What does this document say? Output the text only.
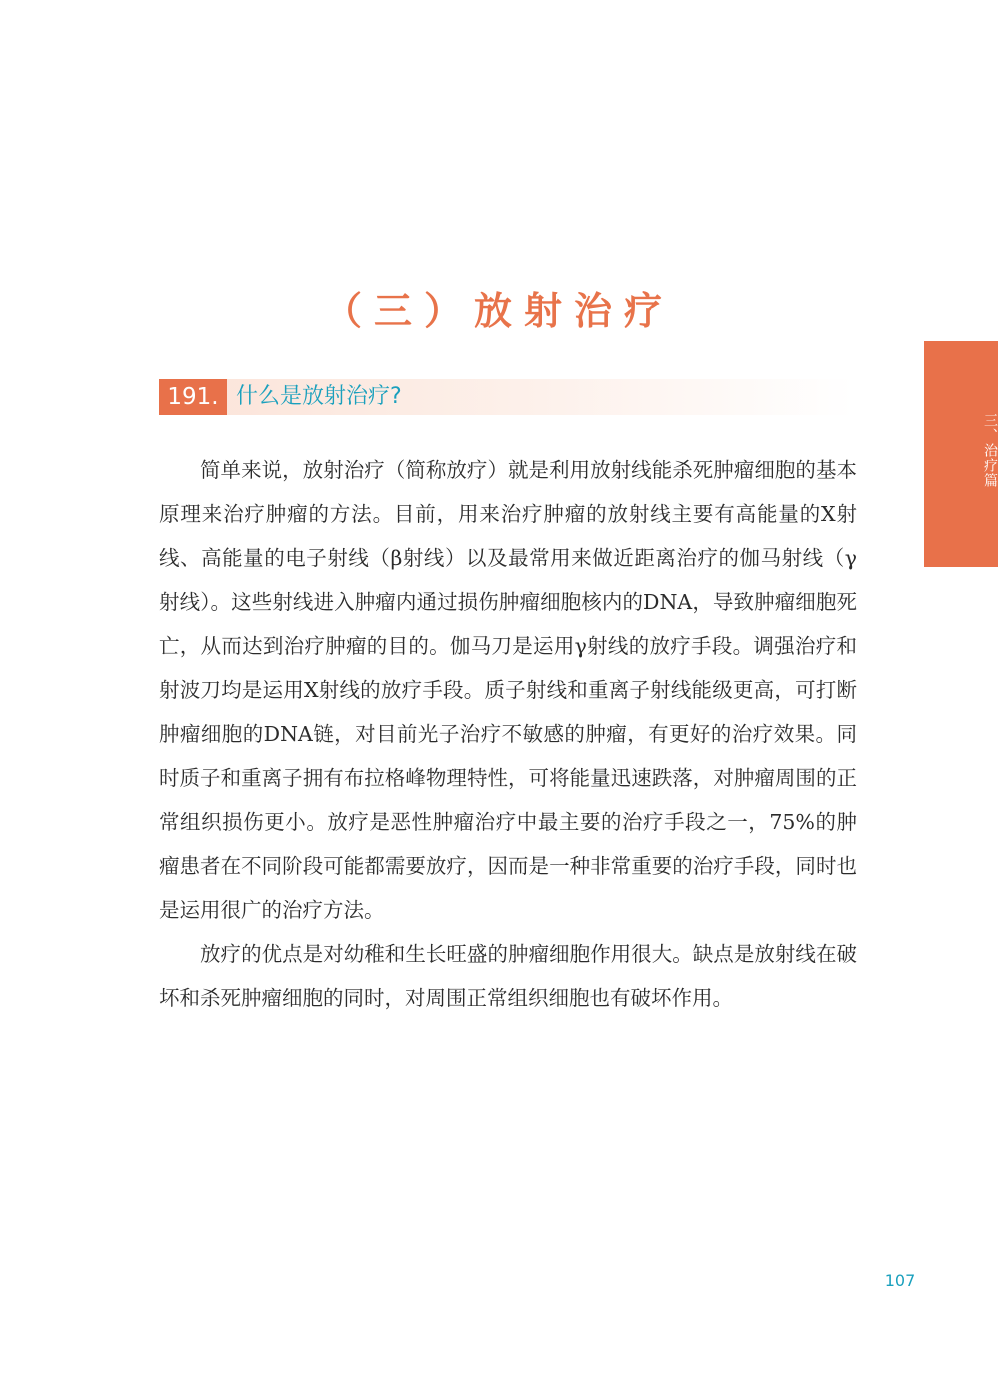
（三）放射治疗
三、治疗篇
191. 什么是放射治疗?

简单来说，放射治疗（简称放疗）就是利用放射线能杀死肿瘤细胞的基本原理来治疗肿瘤的方法。目前，用来治疗肿瘤的放射线主要有高能量的X射线、高能量的电子射线（β射线）以及最常用来做近距离治疗的伽马射线（γ射线）。这些射线进入肿瘤内通过损伤肿瘤细胞核内的DNA，导致肿瘤细胞死亡，从而达到治疗肿瘤的目的。伽马刀是运用γ射线的放疗手段。调强治疗和射波刀均是运用X射线的放疗手段。质子射线和重离子射线能级更高，可打断肿瘤细胞的DNA链，对目前光子治疗不敏感的肿瘤，有更好的治疗效果。同时质子和重离子拥有布拉格峰物理特性，可将能量迅速跌落，对肿瘤周围的正常组织损伤更小。放疗是恶性肿瘤治疗中最主要的治疗手段之一，75%的肿瘤患者在不同阶段可能都需要放疗，因而是一种非常重要的治疗手段，同时也是运用很广的治疗方法。

放疗的优点是对幼稚和生长旺盛的肿瘤细胞作用很大。缺点是放射线在破坏和杀死肿瘤细胞的同时，对周围正常组织细胞也有破坏作用。

107
